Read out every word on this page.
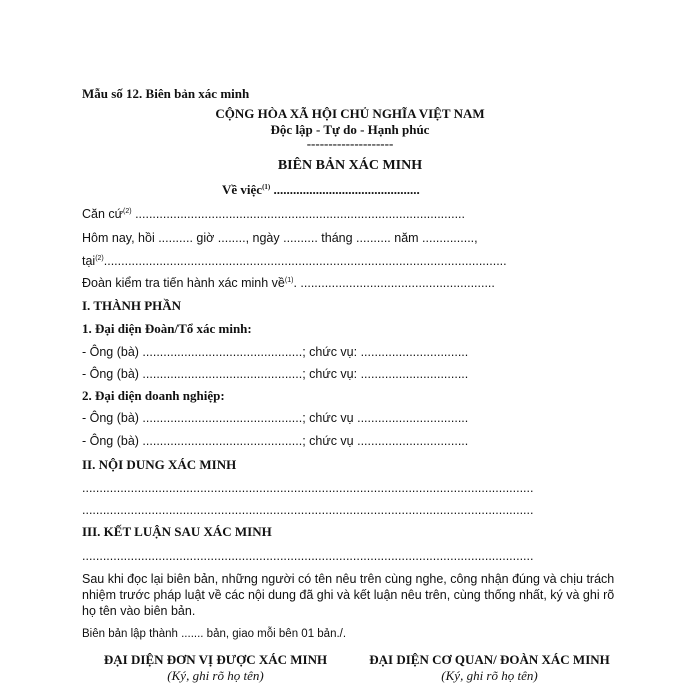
Mẫu số 12. Biên bản xác minh
CỘNG HÒA XÃ HỘI CHỦ NGHĨA VIỆT NAM
Độc lập - Tự do - Hạnh phúc
--------------------
BIÊN BẢN XÁC MINH
Về việc$^{(1)}$ .............................................
Căn cứ$^{(2)}$ ...............................................................................................
Hôm nay, hồi .......... giờ ........, ngày .......... tháng .......... năm ...............,
tại$^{(2)}$....................................................................................................................
Đoàn kiểm tra tiến hành xác minh về$^{(1)}$. ........................................................
I. THÀNH PHẦN
1. Đại diện Đoàn/Tổ xác minh:
- Ông (bà) ..............................................; chức vụ: ...............................
- Ông (bà) ..............................................; chức vụ: ...............................
2. Đại diện doanh nghiệp:
- Ông (bà) ..............................................; chức vụ ................................
- Ông (bà) ..............................................; chức vụ ................................
II. NỘI DUNG XÁC MINH
..................................................................................................................................
..................................................................................................................................
III. KẾT LUẬN SAU XÁC MINH
..................................................................................................................................
Sau khi đọc lại biên bản, những người có tên nêu trên cùng nghe, công nhận đúng và chịu trách
nhiệm trước pháp luật về các nội dung đã ghi và kết luận nêu trên, cùng thống nhất, ký và ghi rõ
họ tên vào biên bản.
Biên bản lập thành ....... bản, giao mỗi bên 01 bản./.
ĐẠI DIỆN ĐƠN VỊ ĐƯỢC XÁC MINH
(Ký, ghi rõ họ tên)
ĐẠI DIỆN CƠ QUAN/ ĐOÀN XÁC MINH
(Ký, ghi rõ họ tên)
